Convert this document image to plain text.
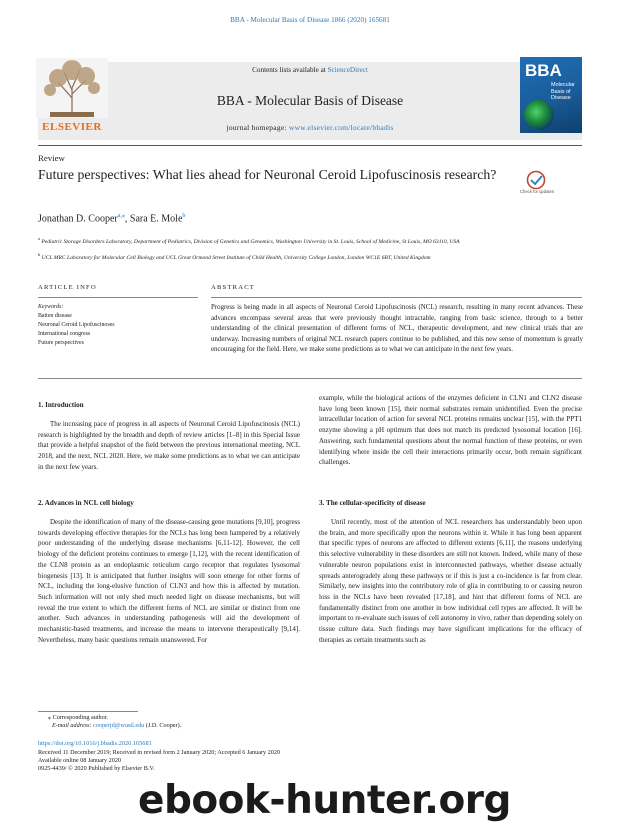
BBA - Molecular Basis of Disease 1866 (2020) 165681
ELSEVIER
Contents lists available at ScienceDirect
BBA - Molecular Basis of Disease
journal homepage: www.elsevier.com/locate/bbadis
BBA
Molecular Basis of Disease
Review
Future perspectives: What lies ahead for Neuronal Ceroid Lipofuscinosis research?
Check for updates
Jonathan D. Cooper$^{a,⁎}$, Sara E. Mole$^b$
$^a$ Pediatric Storage Disorders Laboratory, Department of Pediatrics, Division of Genetics and Genomics, Washington University in St. Louis, School of Medicine, St Louis, MO 63110, USA
$^b$ UCL MRC Laboratory for Molecular Cell Biology and UCL Great Ormond Street Institute of Child Health, University College London, London WC1E 6BT, United Kingdom
ARTICLE INFO	ABSTRACT
Keywords:
Batten disease
Neuronal Ceroid Lipofuscinoses
International congress
Future perspectives
Progress is being made in all aspects of Neuronal Ceroid Lipofuscinosis (NCL) research, resulting in many recent advances. These advances encompass several areas that were previously thought intractable, ranging from basic science, through to a better understanding of the clinical presentation of different forms of NCL, therapeutic development, and new clinical trials that are underway. Increasing numbers of original NCL research papers continue to be published, and this new sense of momentum is greatly encouraging for the field. Here, we make some predictions as to what we can anticipate in the next few years.
1. Introduction

The increasing pace of progress in all aspects of Neuronal Ceroid Lipofuscinosis (NCL) research is highlighted by the breadth and depth of review articles [1–8] in this Special Issue that provide a helpful snapshot of the field between the previous international meeting, NCL 2018, and the next, NCL 2020. Here, we make some predictions as to what we can anticipate in the next few years.

2. Advances in NCL cell biology

Despite the identification of many of the disease-causing gene mutations [9,10], progress towards developing effective therapies for the NCLs has long been hampered by a relatively poor understanding of the underlying disease mechanisms [6,11-12]. However, the cell biology of the deficient proteins continues to emerge [1,12], with the recent identification of the CLN8 protein as an endoplasmic reticulum cargo receptor that regulates lysosomal biogenesis [13]. It is anticipated that further insights will soon emerge for other forms of NCL, including the long-elusive function of CLN3 and how this is affected by mutation. Such information will not only shed much needed light on disease mechanisms, but will reveal the true extent to which the different forms of NCL are similar or distinct from one another. Such advances in understanding pathogenesis will aid the development of mechanistic-based treatments, and increase the means to intervene therapeutically [9,14]. Nevertheless, many basic questions remain unanswered. For

example, while the biological actions of the enzymes deficient in CLN1 and CLN2 disease have long been known [15], their normal substrates remain unidentified. Even the precise intracellular location of action for several NCL proteins remains unclear [15], with the PPT1 enzyme showing a pH optimum that does not match its predicted lysosomal location [16]. Answering, such fundamental questions about the normal function of these proteins, or even identifying where inside the cell their interactions primarily occur, both remain significant challenges.

3. The cellular-specificity of disease

Until recently, most of the attention of NCL researchers has understandably been upon the brain, and more specifically upon the neurons within it. While it has long been apparent that specific types of neurons are affected to different extents [6,11], the reasons underlying this selective vulnerability in these disorders are still not known. Indeed, while many of these vulnerable neuron populations exist in interconnected pathways, whether disease actually spreads anterogradely along these pathways or if this is just a co-incidence is far from clear. Similarly, new insights into the contributory role of glia in contributing to or causing neuron loss in the NCLs have been revealed [17,18], and hint that different forms of NCL are fundamentally distinct from one another in how individual cell types are affected. It will be important to re-evaluate such issues of cell autonomy in vivo, rather than depending solely on tissue culture data. Such findings may have significant implications for the efficacy of therapies as certain treatments such as

⁎ Corresponding author.
E-mail address: cooperjd@wustl.edu (J.D. Cooper).
https://doi.org/10.1016/j.bbadis.2020.165681
Received 11 December 2019; Received in revised form 2 January 2020; Accepted 6 January 2020
Available online 08 January 2020
0925-4439/ © 2020 Published by Elsevier B.V.
ebook-hunter.org
